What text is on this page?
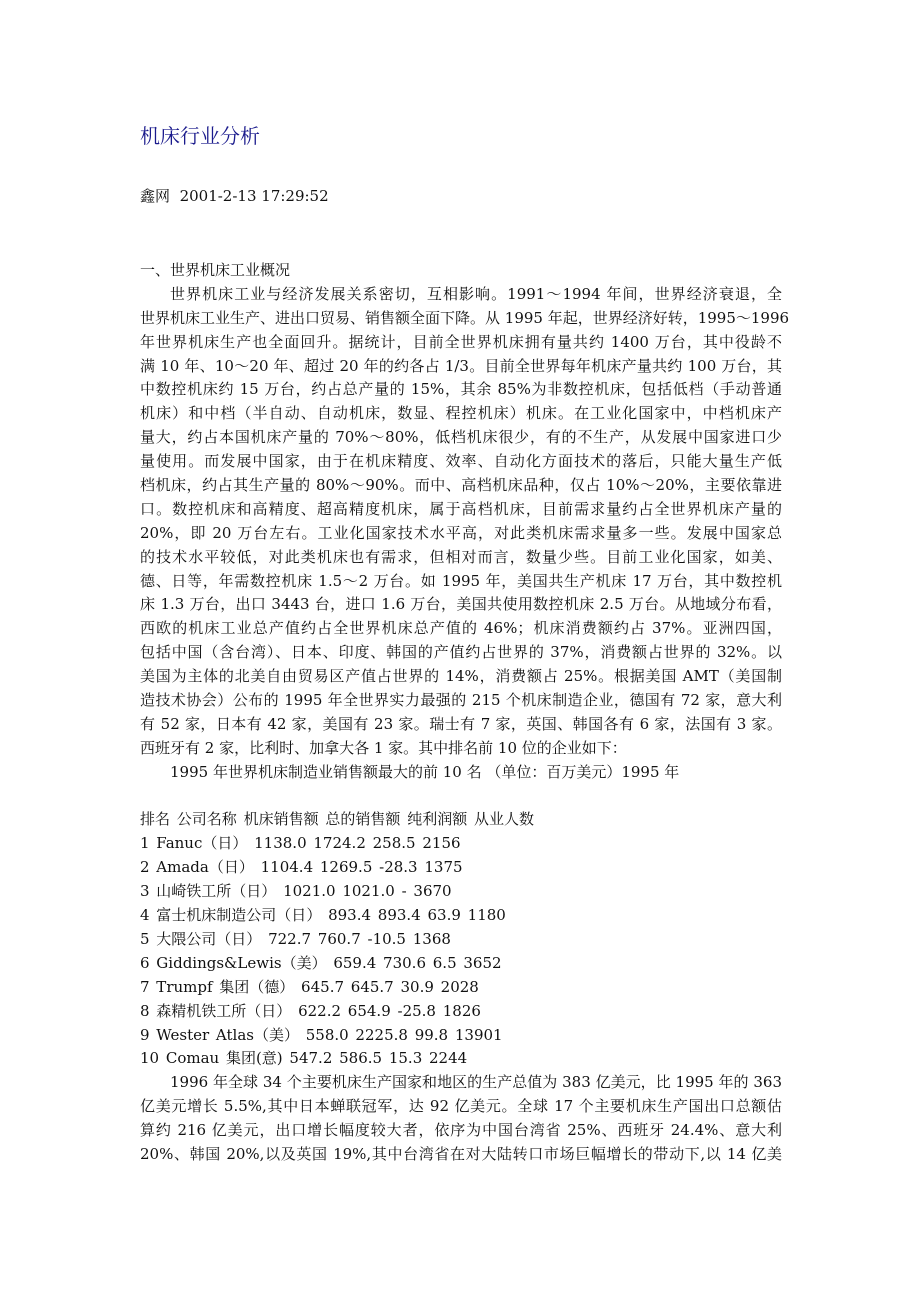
机床行业分析
鑫网 2001-2-13 17:29:52
一、世界机床工业概况
世界机床工业与经济发展关系密切，互相影响。1991～1994 年间，世界经济衰退，全
世界机床工业生产、进出口贸易、销售额全面下降。从 1995 年起，世界经济好转，1995～1996
年世界机床生产也全面回升。据统计，目前全世界机床拥有量共约 1400 万台，其中役龄不
满 10 年、10～20 年、超过 20 年的约各占 1/3。目前全世界每年机床产量共约 100 万台，其
中数控机床约 15 万台，约占总产量的 15%，其余 85%为非数控机床，包括低档（手动普通
机床）和中档（半自动、自动机床，数显、程控机床）机床。在工业化国家中，中档机床产
量大，约占本国机床产量的 70%～80%，低档机床很少，有的不生产，从发展中国家进口少
量使用。而发展中国家，由于在机床精度、效率、自动化方面技术的落后，只能大量生产低
档机床，约占其生产量的 80%～90%。而中、高档机床品种，仅占 10%～20%，主要依靠进
口。数控机床和高精度、超高精度机床，属于高档机床，目前需求量约占全世界机床产量的
20%，即 20 万台左右。工业化国家技术水平高，对此类机床需求量多一些。发展中国家总
的技术水平较低，对此类机床也有需求，但相对而言，数量少些。目前工业化国家，如美、
德、日等，年需数控机床 1.5～2 万台。如 1995 年，美国共生产机床 17 万台，其中数控机
床 1.3 万台，出口 3443 台，进口 1.6 万台，美国共使用数控机床 2.5 万台。从地域分布看，
西欧的机床工业总产值约占全世界机床总产值的 46%；机床消费额约占 37%。亚洲四国，
包括中国（含台湾）、日本、印度、韩国的产值约占世界的 37%，消费额占世界的 32%。以
美国为主体的北美自由贸易区产值占世界的 14%，消费额占 25%。根据美国 AMT（美国制
造技术协会）公布的 1995 年全世界实力最强的 215 个机床制造企业，德国有 72 家，意大利
有 52 家，日本有 42 家，美国有 23 家。瑞士有 7 家，英国、韩国各有 6 家，法国有 3 家。
西班牙有 2 家，比利时、加拿大各 1 家。其中排名前 10 位的企业如下：
1995 年世界机床制造业销售额最大的前 10 名 （单位：百万美元）1995 年
排名 公司名称 机床销售额 总的销售额 纯利润额 从业人数
1 Fanuc（日） 1138.0 1724.2 258.5 2156
2 Amada（日） 1104.4 1269.5 -28.3 1375
3 山崎铁工所（日） 1021.0 1021.0 - 3670
4 富士机床制造公司（日） 893.4 893.4 63.9 1180
5 大隈公司（日） 722.7 760.7 -10.5 1368
6 Giddings&Lewis（美） 659.4 730.6 6.5 3652
7 Trumpf 集团（德） 645.7 645.7 30.9 2028
8 森精机铁工所（日） 622.2 654.9 -25.8 1826
9 Wester Atlas（美） 558.0 2225.8 99.8 13901
10 Comau 集团(意) 547.2 586.5 15.3 2244
1996 年全球 34 个主要机床生产国家和地区的生产总值为 383 亿美元，比 1995 年的 363
亿美元增长 5.5%,其中日本蝉联冠军，达 92 亿美元。全球 17 个主要机床生产国出口总额估
算约 216 亿美元，出口增长幅度较大者，依序为中国台湾省 25%、西班牙 24.4%、意大利
20%、韩国 20%,以及英国 19%,其中台湾省在对大陆转口市场巨幅增长的带动下,以 14 亿美
